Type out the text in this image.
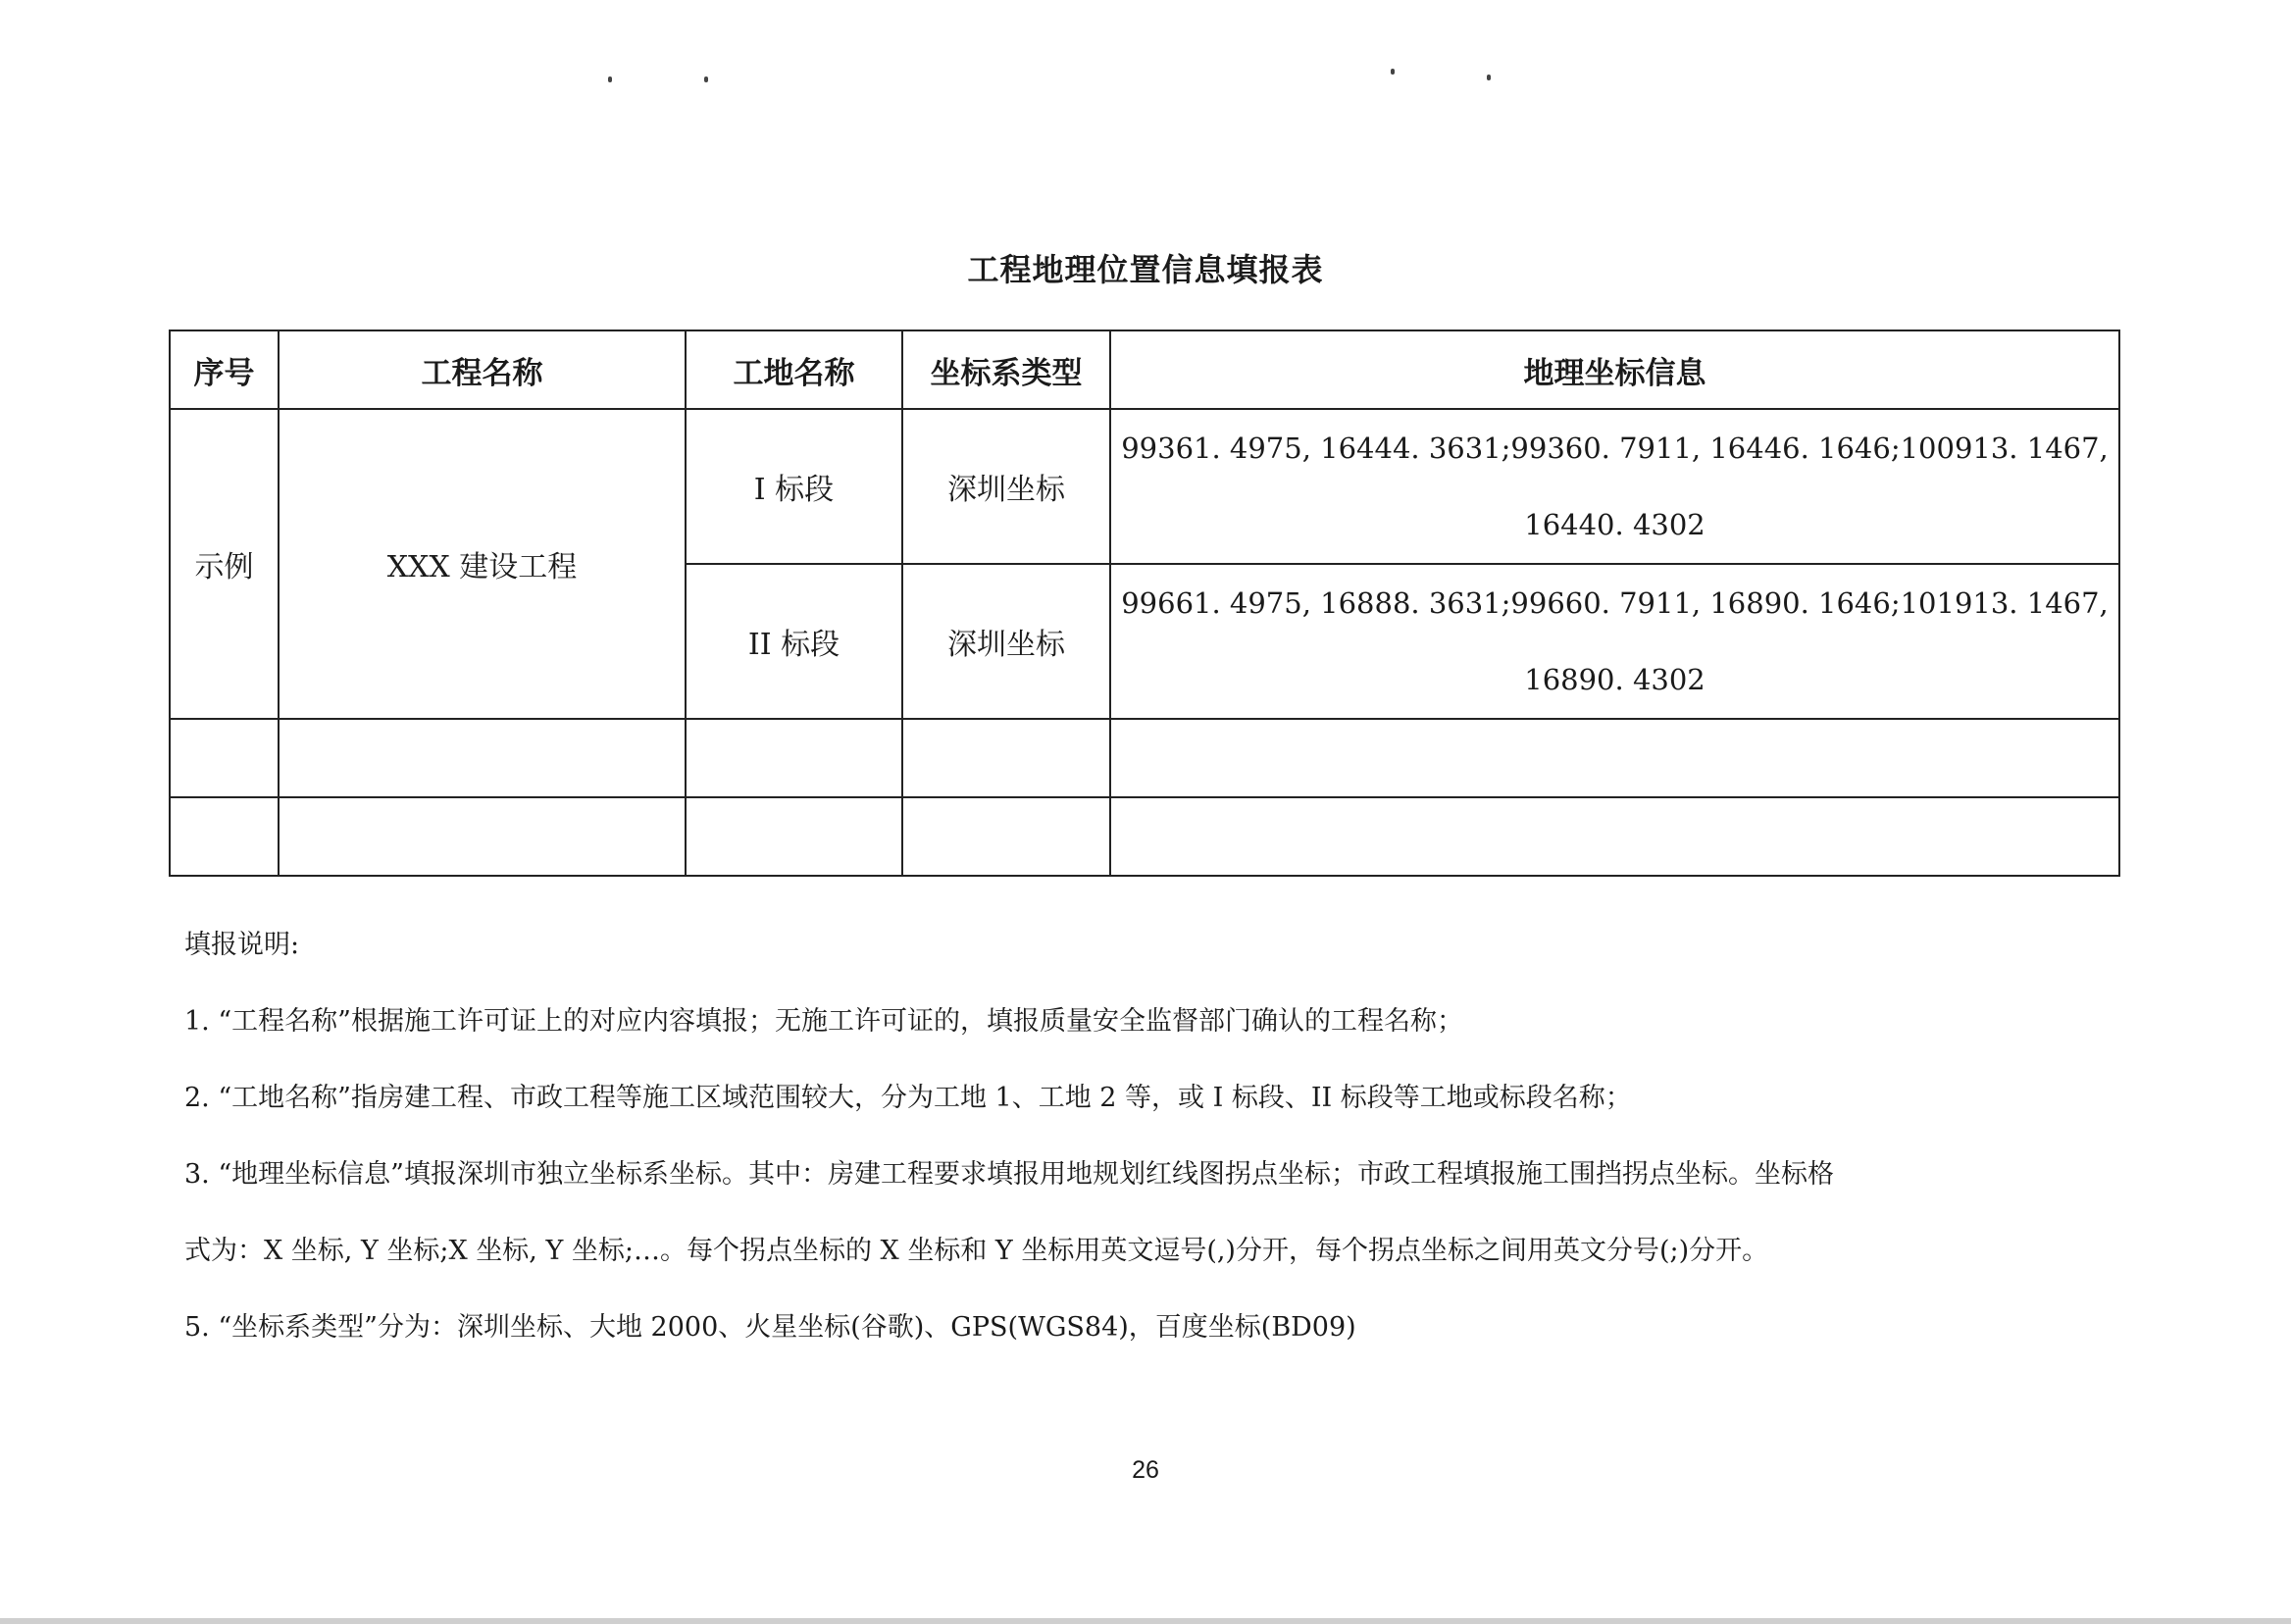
工程地理位置信息填报表
序号	工程名称	工地名称	坐标系类型	地理坐标信息
示例	XXX 建设工程	I 标段	深圳坐标	99361. 4975, 16444. 3631;99360. 7911, 16446. 1646;100913. 1467, 16440. 4302
		II 标段	深圳坐标	99661. 4975, 16888. 3631;99660. 7911, 16890. 1646;101913. 1467, 16890. 4302

填报说明:
1. “工程名称”根据施工许可证上的对应内容填报；无施工许可证的，填报质量安全监督部门确认的工程名称；
2. “工地名称”指房建工程、市政工程等施工区域范围较大，分为工地 1、工地 2 等，或 I 标段、II 标段等工地或标段名称；
3. “地理坐标信息”填报深圳市独立坐标系坐标。其中：房建工程要求填报用地规划红线图拐点坐标；市政工程填报施工围挡拐点坐标。坐标格
式为：X 坐标, Y 坐标;X 坐标, Y 坐标;…。每个拐点坐标的 X 坐标和 Y 坐标用英文逗号(,)分开，每个拐点坐标之间用英文分号(;)分开。
5. “坐标系类型”分为：深圳坐标、大地 2000、火星坐标(谷歌)、GPS(WGS84)，百度坐标(BD09)
26
